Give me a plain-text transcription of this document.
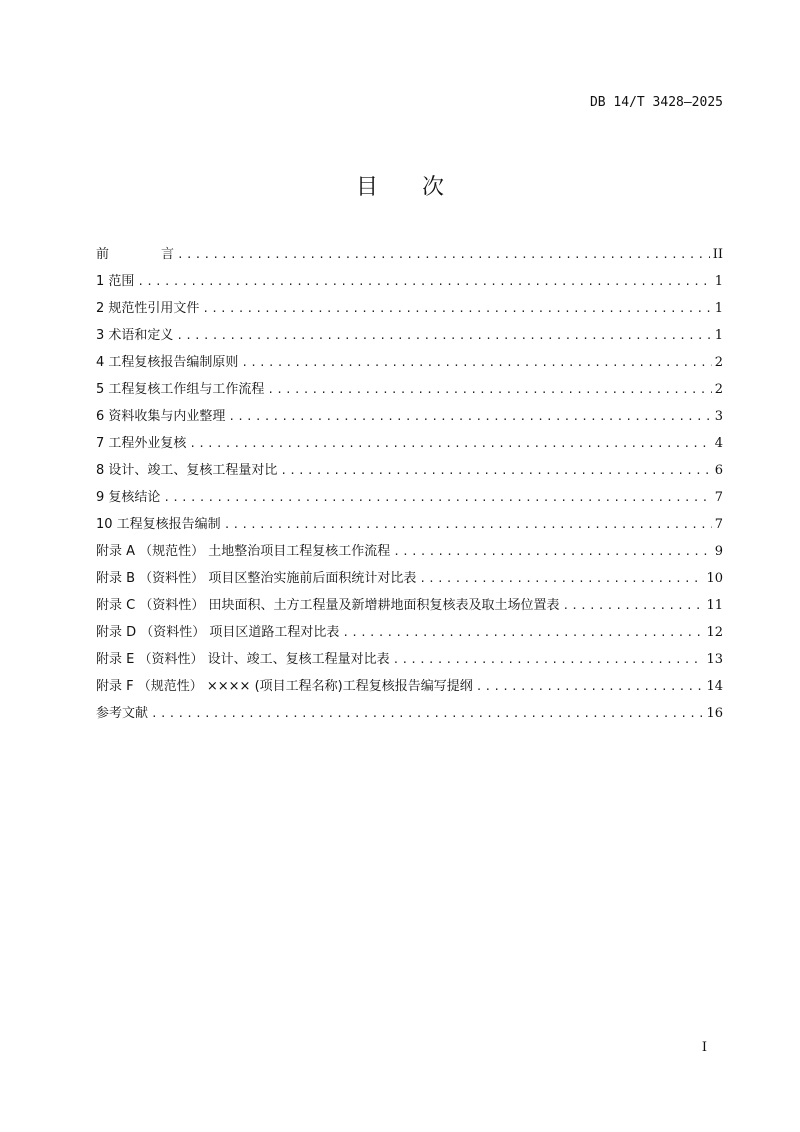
DB 14/T 3428—2025
目 次
前	言 .....	II
1 范围 .....	1
2 规范性引用文件 .....	1
3 术语和定义 .....	1
4 工程复核报告编制原则 .....	2
5 工程复核工作组与工作流程 .....	2
6 资料收集与内业整理 .....	3
7 工程外业复核 .....	4
8 设计、竣工、复核工程量对比 .....	6
9 复核结论 .....	7
10 工程复核报告编制 .....	7
附录 A （规范性） 土地整治项目工程复核工作流程 .....	9
附录 B （资料性） 项目区整治实施前后面积统计对比表 .....	10
附录 C （资料性） 田块面积、土方工程量及新增耕地面积复核表及取土场位置表 .....	11
附录 D （资料性） 项目区道路工程对比表 .....	12
附录 E （资料性） 设计、竣工、复核工程量对比表 .....	13
附录 F （规范性） ×××× (项目工程名称)工程复核报告编写提纲 .....	14
参考文献 .....	16
I
